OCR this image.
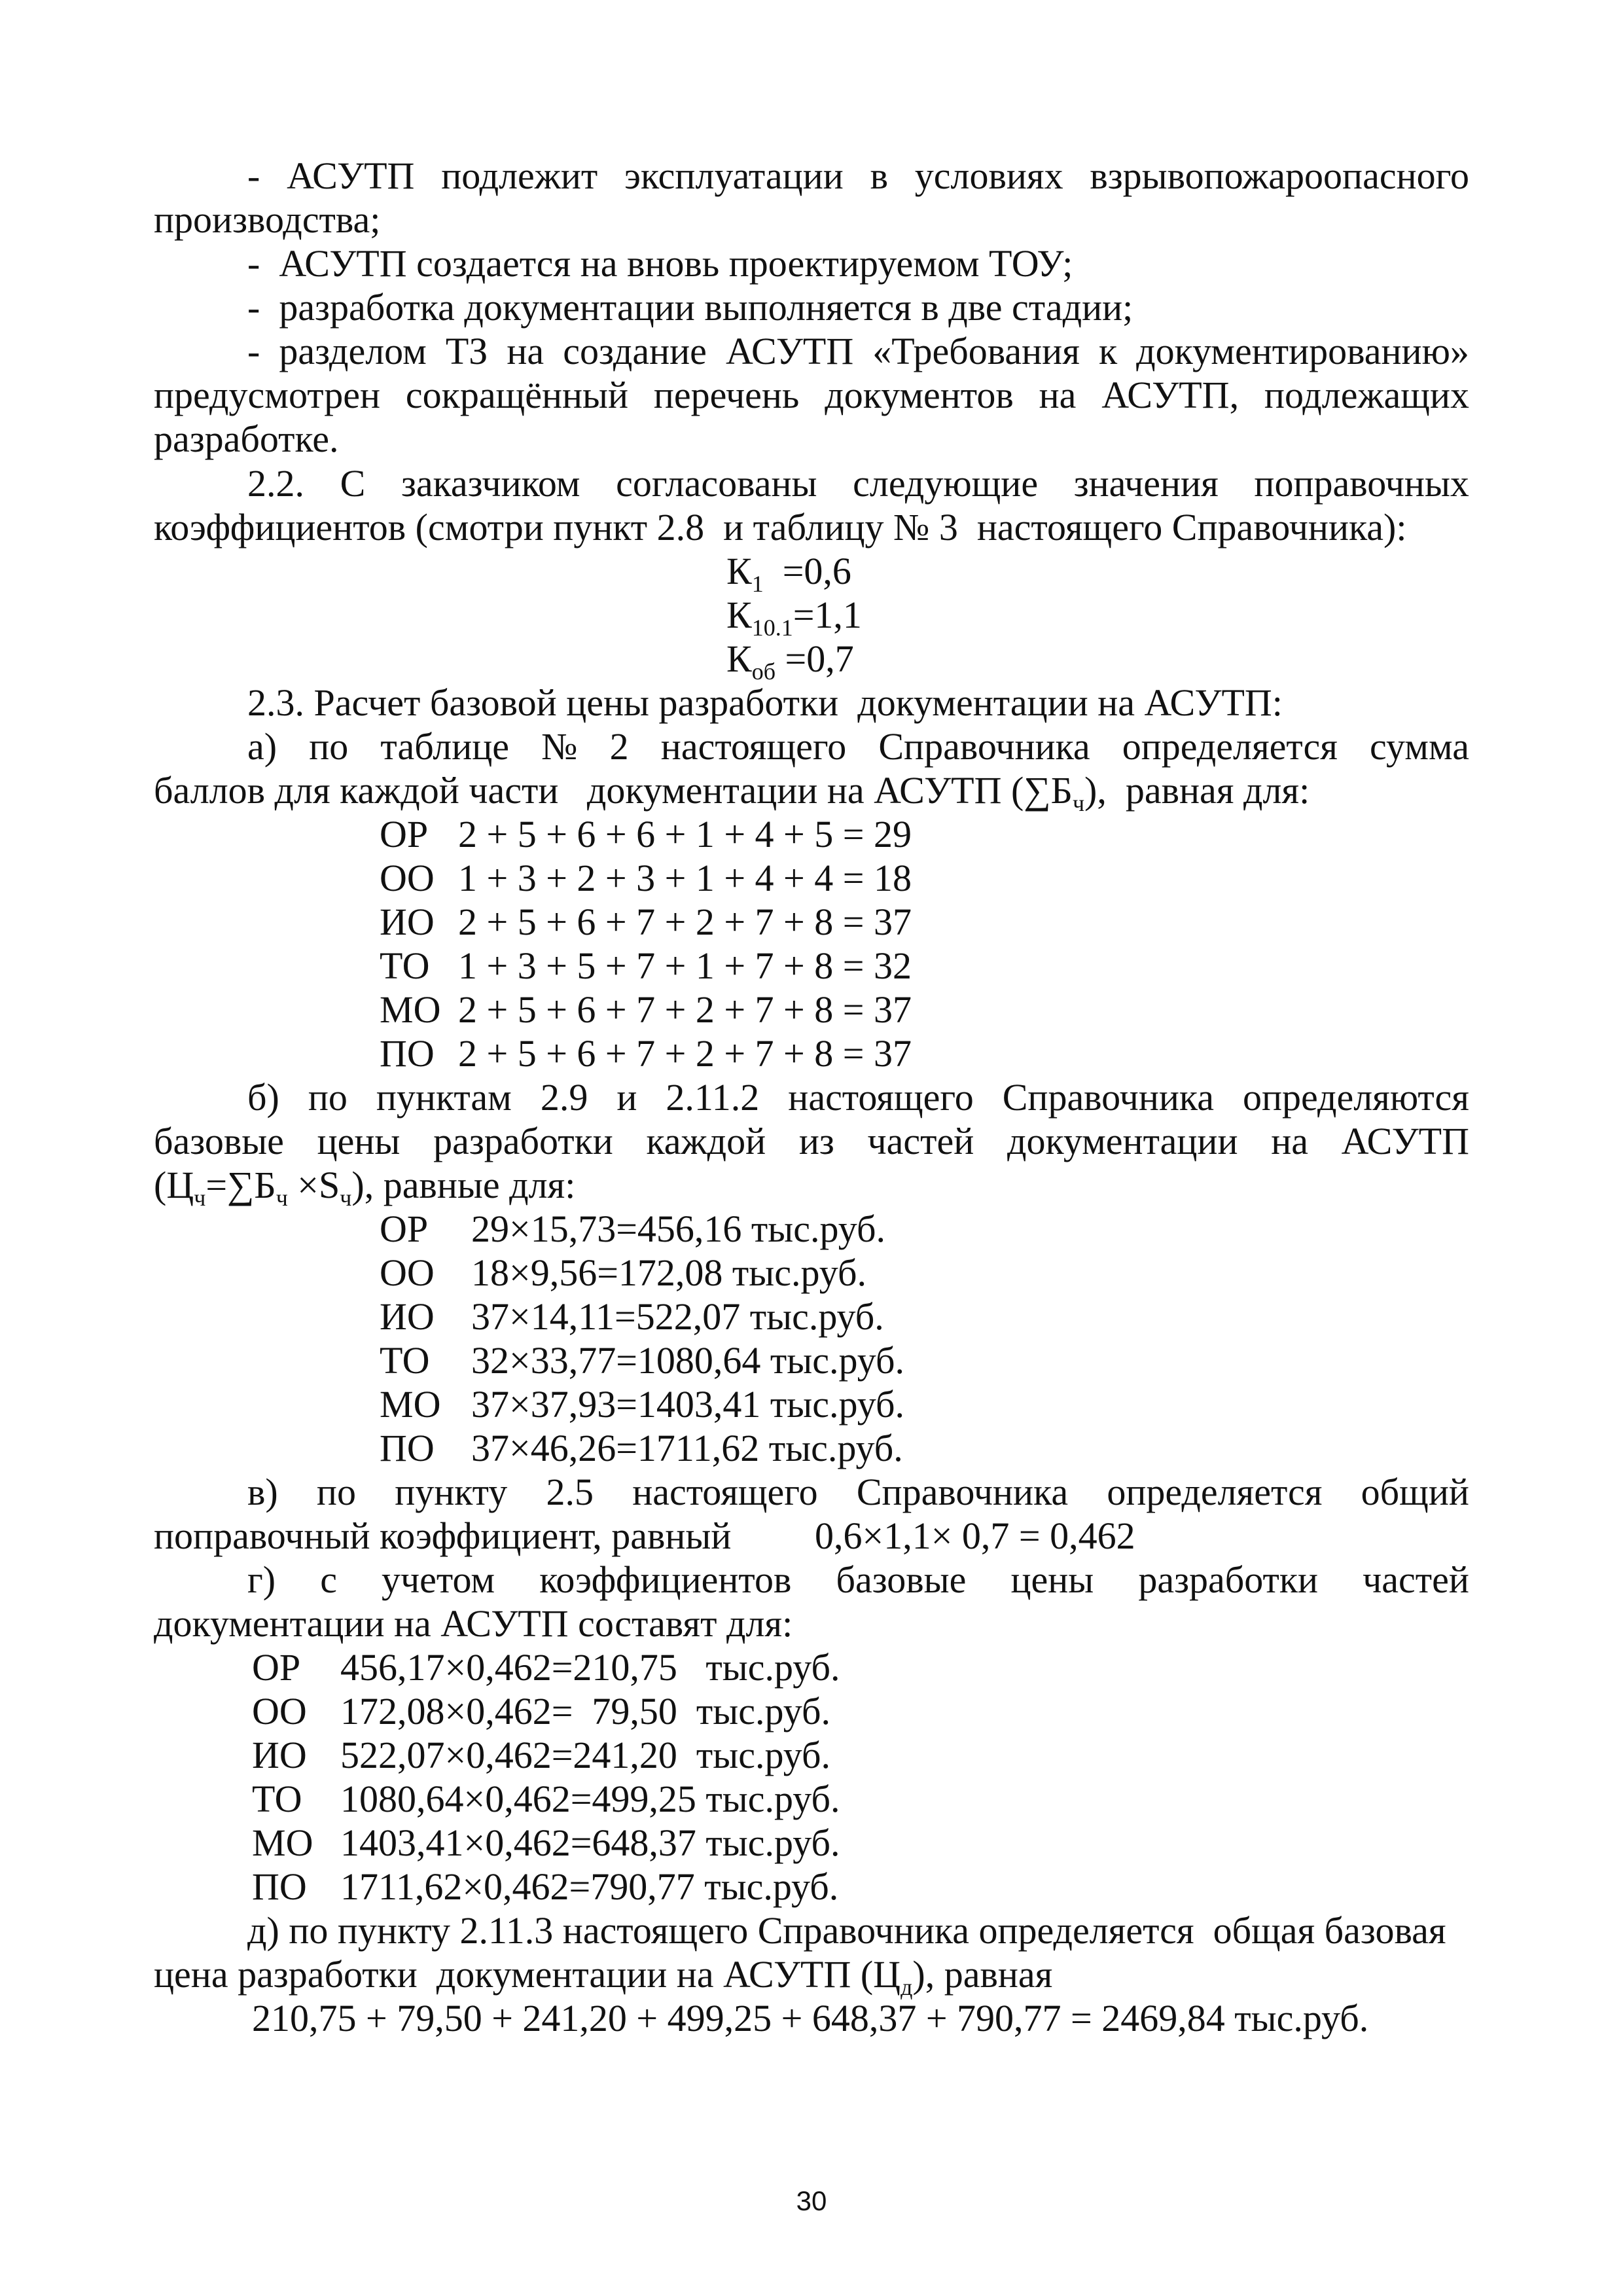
- АСУТП подлежит эксплуатации в условиях взрывопожароопасного
производства;
-  АСУТП создается на вновь проектируемом ТОУ;
-  разработка документации выполняется в две стадии;
- разделом ТЗ на создание АСУТП «Требования к документированию»
предусмотрен сокращённый перечень документов на АСУТП, подлежащих
разработке.
2.2. С заказчиком согласованы следующие значения поправочных
коэффициентов (смотри пункт 2.8  и таблицу № 3  настоящего Справочника):
$К_1 =0,6$
$К_{10.1}=1,1$
$К_{об} =0,7$
2.3. Расчет базовой цены разработки  документации на АСУТП:
а) по таблице № 2 настоящего Справочника определяется сумма
баллов для каждой части   документации на АСУТП $(\sum Б_ч)$,  равная для:
ОР 2 + 5 + 6 + 6 + 1 + 4 + 5 = 29
ОО 1 + 3 + 2 + 3 + 1 + 4 + 4 = 18
ИО 2 + 5 + 6 + 7 + 2 + 7 + 8 = 37
ТО 1 + 3 + 5 + 7 + 1 + 7 + 8 = 32
МО 2 + 5 + 6 + 7 + 2 + 7 + 8 = 37
ПО 2 + 5 + 6 + 7 + 2 + 7 + 8 = 37
б) по пунктам 2.9 и 2.11.2 настоящего Справочника определяются
базовые цены разработки каждой из частей документации на АСУТП
$(Ц_ч=\sum Б_ч \times S_ч)$, равные для:
ОР 29×15,73=456,16 тыс.руб.
ОО 18×9,56=172,08 тыс.руб.
ИО 37×14,11=522,07 тыс.руб.
ТО 32×33,77=1080,64 тыс.руб.
МО 37×37,93=1403,41 тыс.руб.
ПО 37×46,26=1711,62 тыс.руб.
в) по пункту 2.5 настоящего Справочника определяется общий
поправочный коэффициент, равный 0,6×1,1× 0,7 = 0,462
г) с учетом коэффициентов базовые цены разработки частей
документации на АСУТП составят для:
ОР 456,17×0,462=210,75   тыс.руб.
ОО 172,08×0,462=  79,50  тыс.руб.
ИО 522,07×0,462=241,20  тыс.руб.
ТО 1080,64×0,462=499,25 тыс.руб.
МО 1403,41×0,462=648,37 тыс.руб.
ПО 1711,62×0,462=790,77 тыс.руб.
д) по пункту 2.11.3 настоящего Справочника определяется  общая базовая
цена разработки  документации на АСУТП $(Ц_д)$, равная
210,75 + 79,50 + 241,20 + 499,25 + 648,37 + 790,77 = 2469,84 тыс.руб.
30
